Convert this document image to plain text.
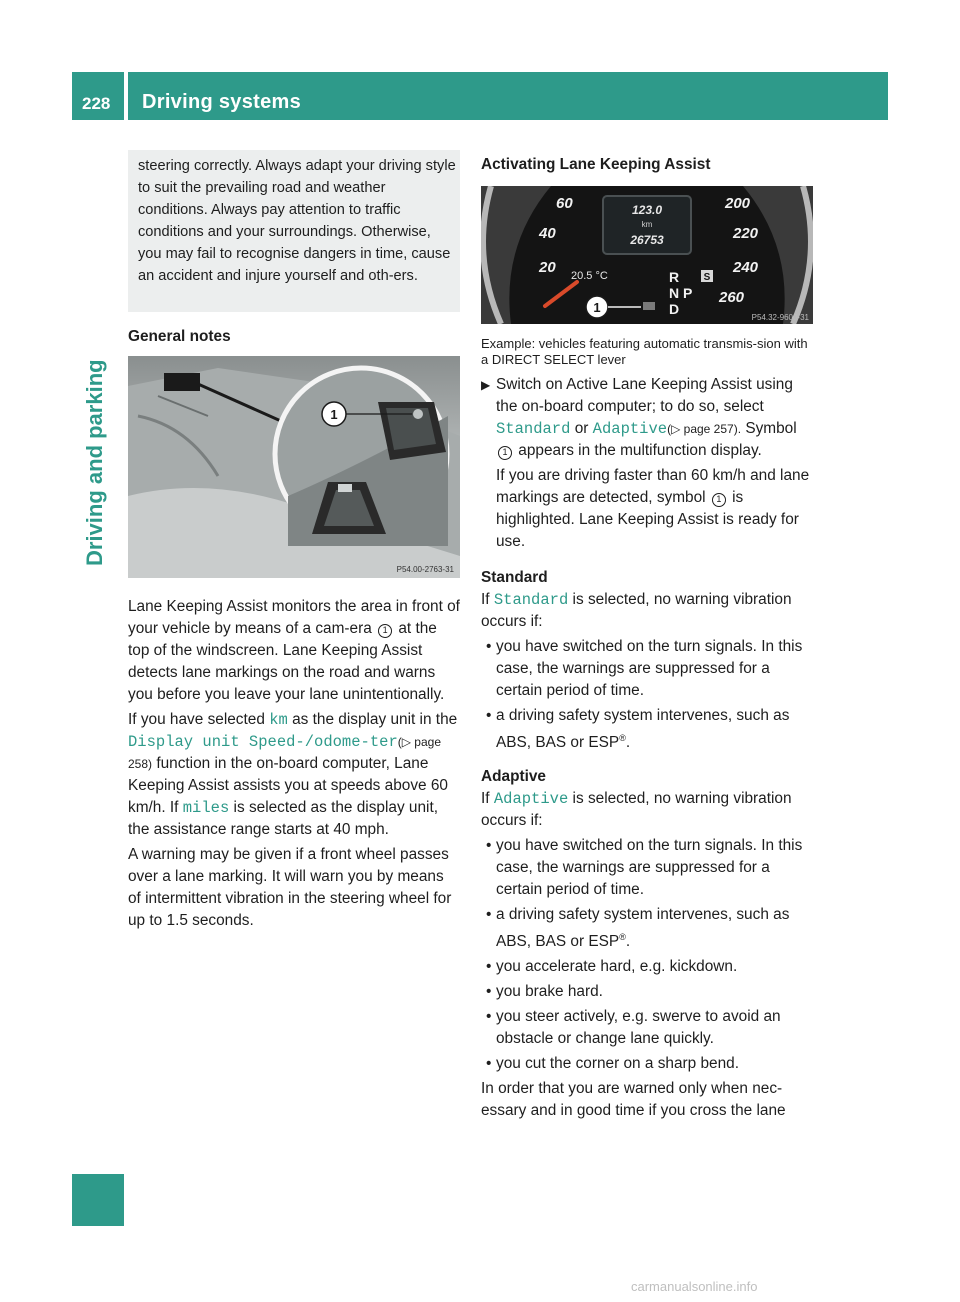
228 Driving systems
Driving and parking
steering correctly. Always adapt your driving style to suit the prevailing road and weather conditions. Always pay attention to traffic conditions and your surroundings. Otherwise, you may fail to recognise dangers in time, cause an accident and injure yourself and oth-ers.
General notes
1
P54.00-2763-31

Lane Keeping Assist monitors the area in front of your vehicle by means of a cam-era 1 at the top of the windscreen. Lane Keeping Assist detects lane markings on the road and warns you before you leave your lane unintentionally.

If you have selected km as the display unit in the Display unit Speed-/odome-ter(▷ page 258) function in the on-board computer, Lane Keeping Assist assists you at speeds above 60 km/h. If miles is selected as the display unit, the assistance range starts at 40 mph.

A warning may be given if a front wheel passes over a lane marking. It will warn you by means of intermittent vibration in the steering wheel for up to 1.5 seconds.

Activating Lane Keeping Assist
123.0
km
26753
60
40
20
200
220
240
260
20.5 °C	R
N P
D
S
1
P54.32-9600-31

Example: vehicles featuring automatic transmis-sion with a DIRECT SELECT lever

▶ Switch on Active Lane Keeping Assist using the on-board computer; to do so, select Standard or Adaptive(▷ page 257). Symbol 1 appears in the multifunction display.

If you are driving faster than 60 km/h and lane markings are detected, symbol 1 is highlighted. Lane Keeping Assist is ready for use.

Standard

If Standard is selected, no warning vibration occurs if:

• you have switched on the turn signals. In this case, the warnings are suppressed for a certain period of time.
• a driving safety system intervenes, such as ABS, BAS or ESP®.
Adaptive

If Adaptive is selected, no warning vibration occurs if:

• you have switched on the turn signals. In this case, the warnings are suppressed for a certain period of time.
• a driving safety system intervenes, such as ABS, BAS or ESP®.
• you accelerate hard, e.g. kickdown.
• you brake hard.
• you steer actively, e.g. swerve to avoid an obstacle or change lane quickly.
• you cut the corner on a sharp bend.

In order that you are warned only when nec-essary and in good time if you cross the lane

carmanualsonline.info
